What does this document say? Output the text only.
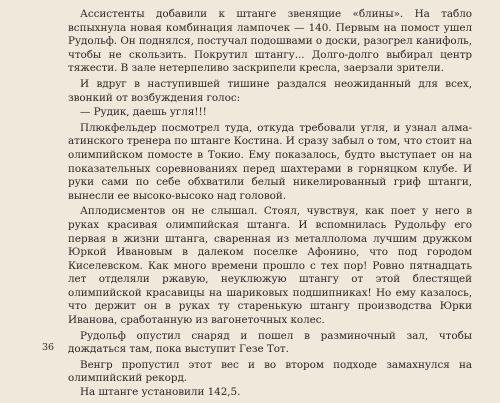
Ассистенты добавили к штанге звенящие «блины». На табло вспыхнула новая комбинация лампочек — 140. Первым на помост ушел Рудольф. Он поднялся, постучал подошвами о доски, разогрел канифоль, чтобы не скользить. Покрутил штангу... Долго-долго выбирал центр тяжести. В зале нетерпеливо заскрипели кресла, заерзали зрители.

И вдруг в наступившей тишине раздался неожиданный для всех, звонкий от возбуждения голос:

— Рудик, даешь угля!!!

Плюкфельдер посмотрел туда, откуда требовали угля, и узнал алма-атинского тренера по штанге Костина. И сразу забыл о том, что стоит на олимпийском помосте в Токио. Ему показалось, будто выступает он на показательных соревнованиях перед шахтерами в горняцком клубе. И руки сами по себе обхватили белый никелированный гриф штанги, вынесли ее высоко-высоко над головой.

Аплодисментов он не слышал. Стоял, чувствуя, как поет у него в руках красивая олимпийская штанга. И вспомнилась Рудольфу его первая в жизни штанга, сваренная из металлолома лучшим дружком Юркой Ивановым в далеком поселке Афонино, что под городом Киселевском. Как много времени прошло с тех пор! Ровно пятнадцать лет отделяли ржавую, неуклюжую штангу от этой блестящей олимпийской красавицы на шариковых подшипниках! Но ему казалось, что держит он в руках ту старенькую штангу производства Юрки Иванова, сработанную из вагонеточных колес.

Рудольф опустил снаряд и пошел в разминочный зал, чтобы дождаться там, пока выступит Гезе Тот.

Венгр пропустил этот вес и во втором подходе замахнулся на олимпийский рекорд.

На штанге установили 142,5.

36
